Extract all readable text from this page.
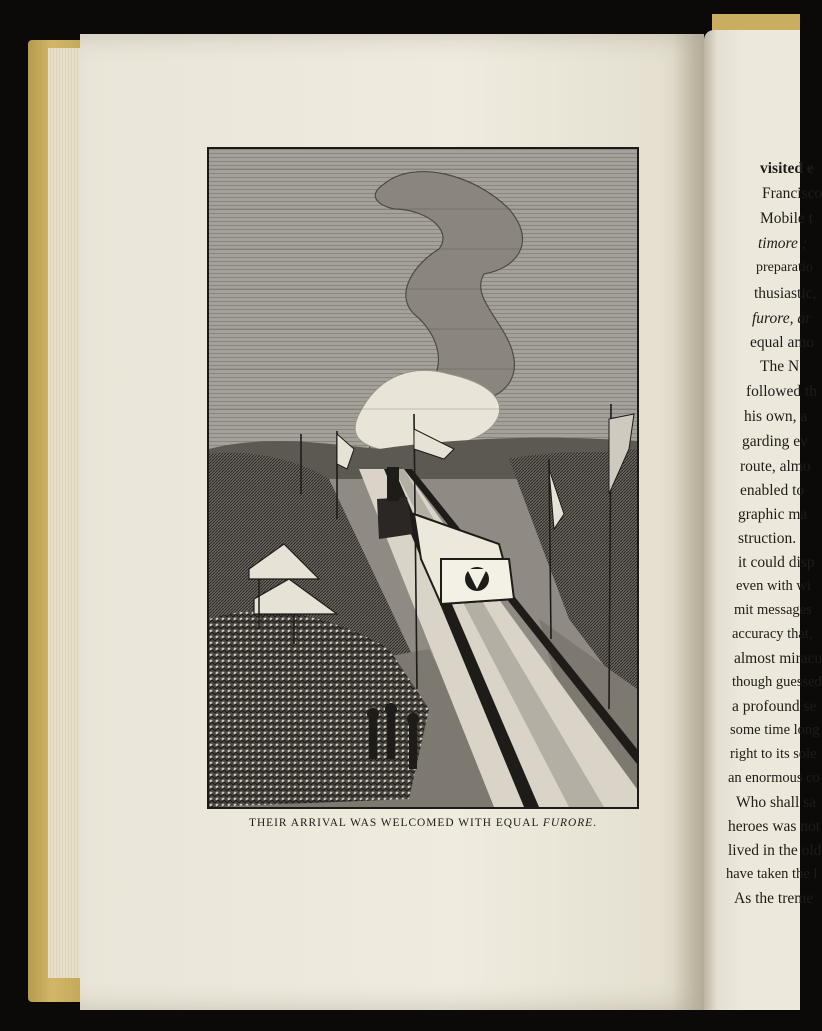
THEIR ARRIVAL WAS WELCOMED WITH EQUAL FURORE.
visited e
Francisco
Mobile t
timore ;
preparatio
thusiastic,
furore, ar
equal amo
The N
followed th
his own, a
garding ev
route, almo
enabled to
graphic ma
struction.
it could disp
even with wi
mit messages
accuracy that,
almost miracu
though guessed
a profound se
some time long
right to its sole
an enormous co
Who shall sa
heroes was not
lived in the old
have taken the l
As the treme
